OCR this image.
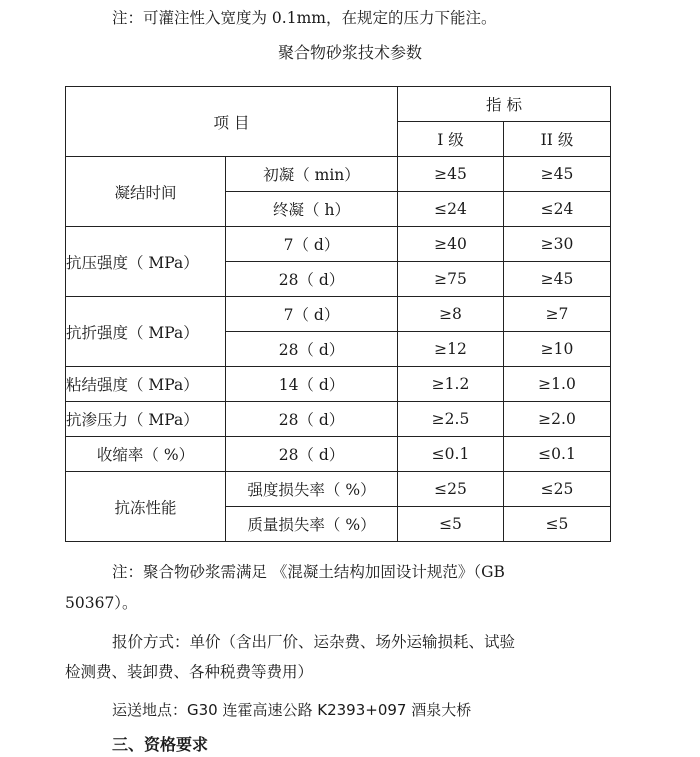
注：可灌注性入宽度为 0.1mm，在规定的压力下能注。
聚合物砂浆技术参数
项 目		指 标	
		I 级	II 级
凝结时间	初凝（ min）	≥45	≥45
	终凝（ h）	≤24	≤24
抗压强度（ MPa）	7（ d）	≥40	≥30
	28（ d）	≥75	≥45
抗折强度（ MPa）	7（ d）	≥8	≥7
	28（ d）	≥12	≥10
粘结强度（ MPa）	14（ d）	≥1.2	≥1.0
抗渗压力（ MPa）	28（ d）	≥2.5	≥2.0
收缩率（ %）	28（ d）	≤0.1	≤0.1
抗冻性能	强度损失率（ %）	≤25	≤25
	质量损失率（ %）	≤5	≤5
注：聚合物砂浆需满足 《混凝土结构加固设计规范》（GB
50367）。
报价方式：单价（含出厂价、运杂费、场外运输损耗、试验
检测费、装卸费、各种税费等费用）
运送地点：G30 连霍高速公路 K2393+097 酒泉大桥
三、资格要求
